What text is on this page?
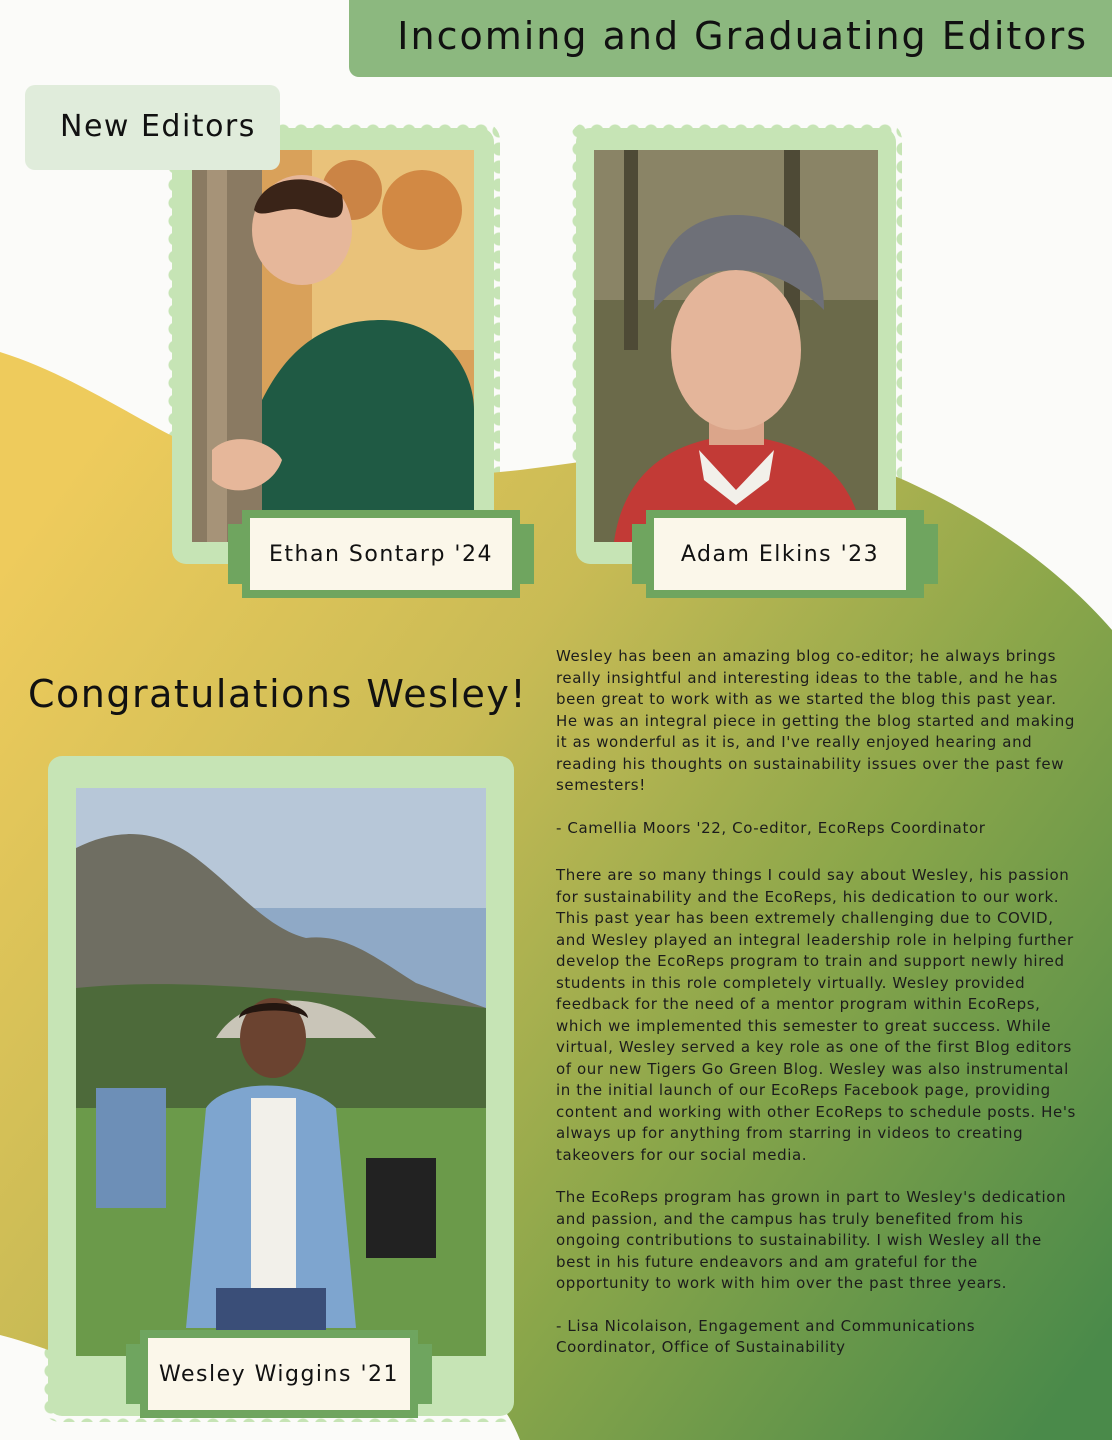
Incoming and Graduating Editors
New Editors
Ethan Sontarp '24	Adam Elkins '23
Congratulations Wesley!
Wesley Wiggins '21

Wesley has been an amazing blog co-editor; he always brings really insightful and interesting ideas to the table, and he has been great to work with as we started the blog this past year. He was an integral piece in getting the blog started and making it as wonderful as it is, and I've really enjoyed hearing and reading his thoughts on sustainability issues over the past few semesters!

- Camellia Moors '22, Co-editor, EcoReps Coordinator

There are so many things I could say about Wesley, his passion for sustainability and the EcoReps, his dedication to our work. This past year has been extremely challenging due to COVID, and Wesley played an integral leadership role in helping further develop the EcoReps program to train and support newly hired students in this role completely virtually. Wesley provided feedback for the need of a mentor program within EcoReps, which we implemented this semester to great success. While virtual, Wesley served a key role as one of the first Blog editors of our new Tigers Go Green Blog. Wesley was also instrumental in the initial launch of our EcoReps Facebook page, providing content and working with other EcoReps to schedule posts. He's always up for anything from starring in videos to creating takeovers for our social media.

The EcoReps program has grown in part to Wesley's dedication and passion, and the campus has truly benefited from his ongoing contributions to sustainability. I wish Wesley all the best in his future endeavors and am grateful for the opportunity to work with him over the past three years.

- Lisa Nicolaison, Engagement and Communications Coordinator, Office of Sustainability
